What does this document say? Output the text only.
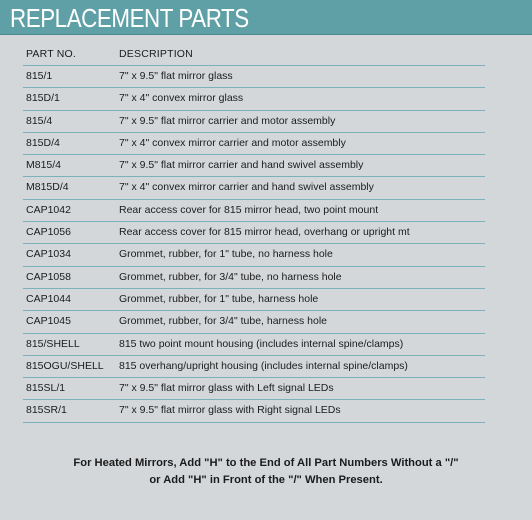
REPLACEMENT PARTS
PART NO.	DESCRIPTION
815/1	7" x 9.5" flat mirror glass
815D/1	7" x 4" convex mirror glass
815/4	7" x 9.5" flat mirror carrier and motor assembly
815D/4	7" x 4" convex mirror carrier and motor assembly
M815/4	7" x 9.5" flat mirror carrier and hand swivel assembly
M815D/4	7" x 4" convex mirror carrier and hand swivel assembly
CAP1042	Rear access cover for 815 mirror head, two point mount
CAP1056	Rear access cover for 815 mirror head, overhang or upright mt
CAP1034	Grommet, rubber, for 1" tube, no harness hole
CAP1058	Grommet, rubber, for 3/4" tube, no harness hole
CAP1044	Grommet, rubber, for 1" tube, harness hole
CAP1045	Grommet, rubber, for 3/4" tube, harness hole
815/SHELL	815 two point mount housing (includes internal spine/clamps)
815OGU/SHELL	815 overhang/upright housing (includes internal spine/clamps)
815SL/1	7" x 9.5" flat mirror glass with Left signal LEDs
815SR/1	7" x 9.5" flat mirror glass with Right signal LEDs
For Heated Mirrors, Add "H" to the End of All Part Numbers Without a "/"
or Add "H" in Front of the "/" When Present.
